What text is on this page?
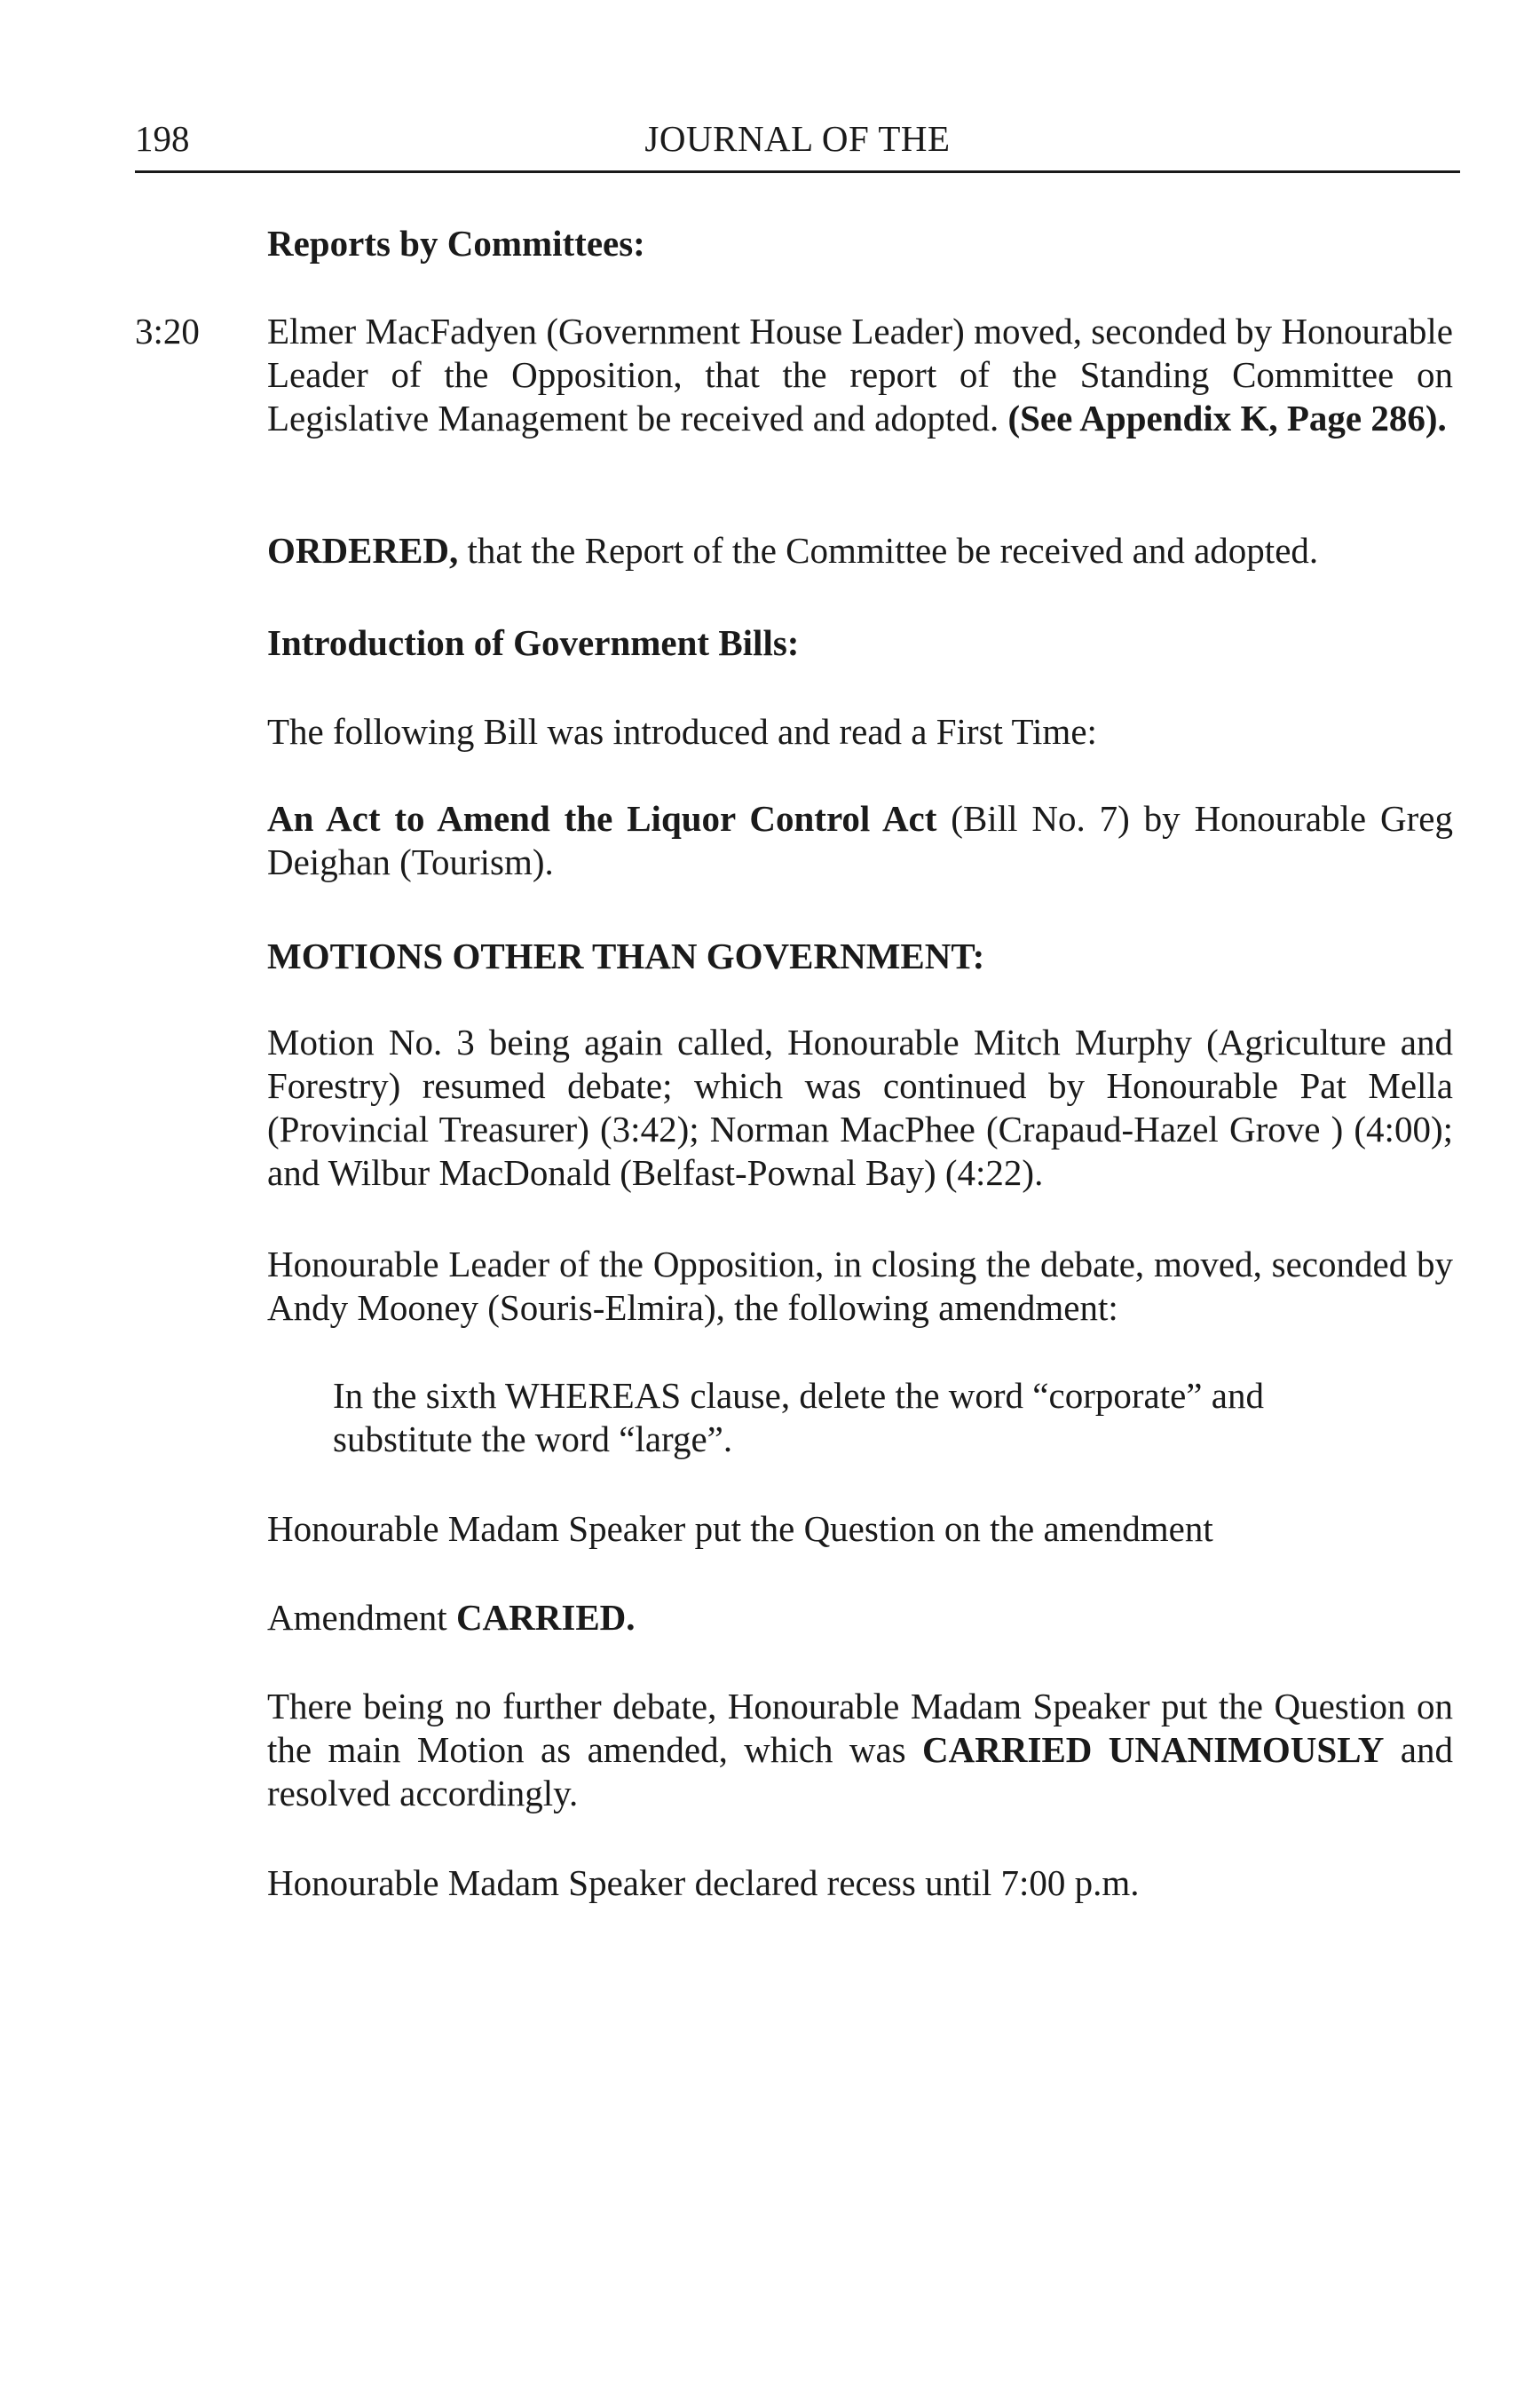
198	JOURNAL OF THE

Reports by Committees:

3:20 Elmer MacFadyen (Government House Leader) moved, seconded by Honourable Leader of the Opposition, that the report of the Standing Committee on Legislative Management be received and adopted. (See Appendix K, Page 286).

ORDERED, that the Report of the Committee be received and adopted.

Introduction of Government Bills:

The following Bill was introduced and read a First Time:

An Act to Amend the Liquor Control Act (Bill No. 7) by Honourable Greg Deighan (Tourism).

MOTIONS OTHER THAN GOVERNMENT:

Motion No. 3 being again called, Honourable Mitch Murphy (Agriculture and Forestry) resumed debate; which was continued by Honourable Pat Mella (Provincial Treasurer) (3:42); Norman MacPhee (Crapaud-Hazel Grove ) (4:00); and Wilbur MacDonald (Belfast-Pownal Bay) (4:22).

Honourable Leader of the Opposition, in closing the debate, moved, seconded by Andy Mooney (Souris-Elmira), the following amendment:

In the sixth WHEREAS clause, delete the word “corporate” and substitute the word “large”.

Honourable Madam Speaker put the Question on the amendment

Amendment CARRIED.

There being no further debate, Honourable Madam Speaker put the Question on the main Motion as amended, which was CARRIED UNANIMOUSLY and resolved accordingly.

Honourable Madam Speaker declared recess until 7:00 p.m.
